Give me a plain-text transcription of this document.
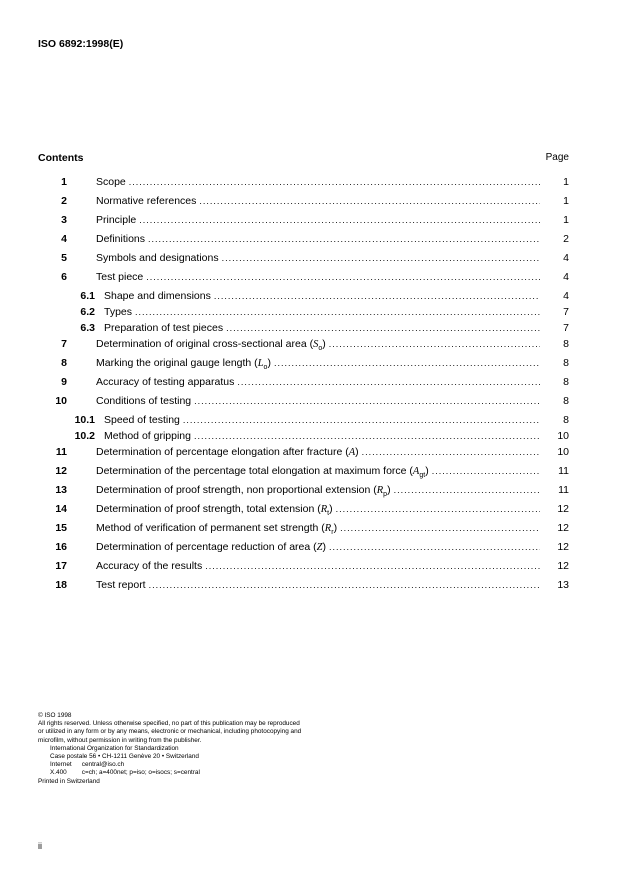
ISO 6892:1998(E)
Contents	Page
1	Scope .....	1
2	Normative references .....	1
3	Principle .....	1
4	Definitions .....	2
5	Symbols and designations .....	4
6	Test piece .....	4
6.1 Shape and dimensions .....	4
6.2 Types .....	7
6.3 Preparation of test pieces .....	7
7	Determination of original cross-sectional area $(S_o)$ .....	8
8	Marking the original gauge length $(L_o)$ .....	8
9	Accuracy of testing apparatus .....	8
10	Conditions of testing .....	8
10.1 Speed of testing .....	8
10.2 Method of gripping .....	10
11	Determination of percentage elongation after fracture (A) .....	10
12	Determination of the percentage total elongation at maximum force $(A_{gt})$ .....	11
13	Determination of proof strength, non proportional extension $(R_p)$ .....	11
14	Determination of proof strength, total extension $(R_t)$ .....	12
15	Method of verification of permanent set strength $(R_r)$ .....	12
16	Determination of percentage reduction of area (Z) .....	12
17	Accuracy of the results .....	12
18	Test report .....	13
© ISO 1998
All rights reserved. Unless otherwise specified, no part of this publication may be reproduced
or utilized in any form or by any means, electronic or mechanical, including photocopying and
microfilm, without permission in writing from the publisher.
International Organization for Standardization
Case postale 56 • CH-1211 Genève 20 • Switzerland
Internet central@iso.ch
X.400 c=ch; a=400net; p=iso; o=isocs; s=central
Printed in Switzerland
ii
